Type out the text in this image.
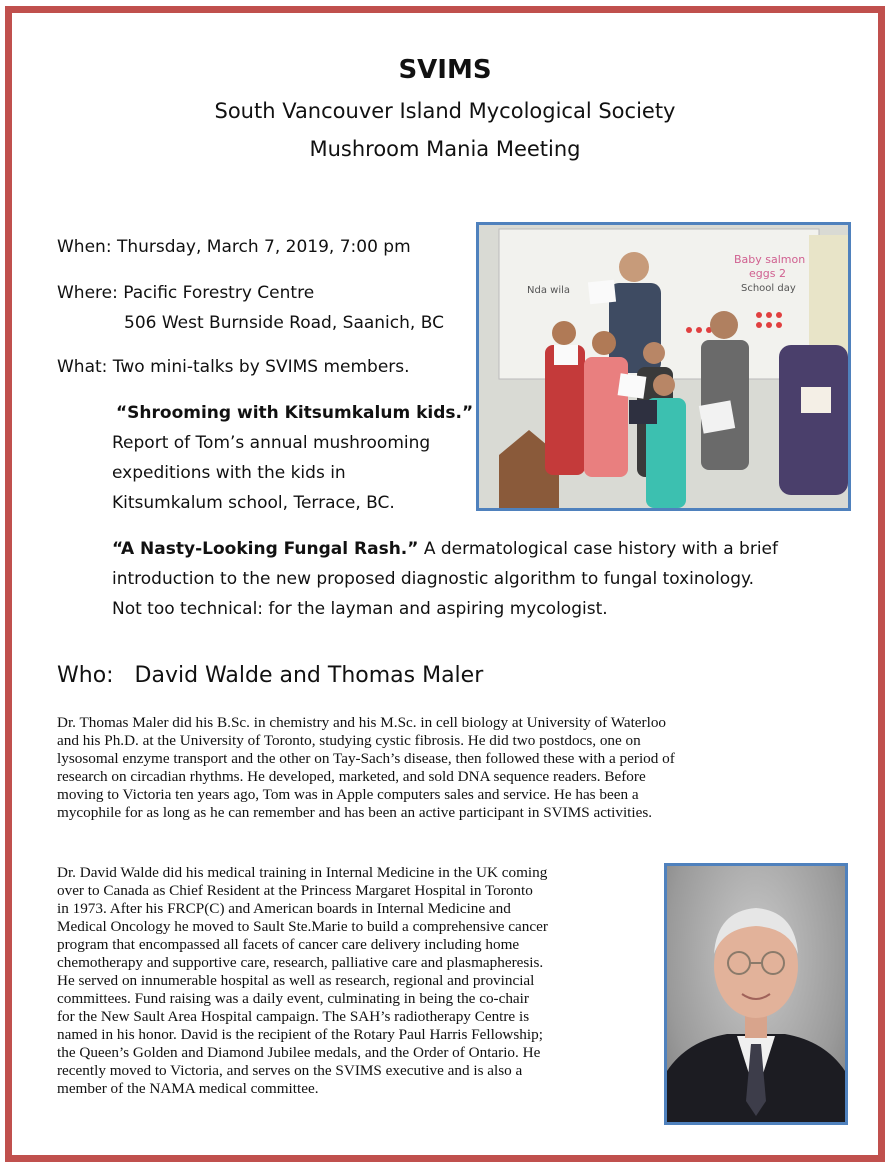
SVIMS
South Vancouver Island Mycological Society
Mushroom Mania Meeting
When: Thursday, March 7, 2019, 7:00 pm
Where: Pacific Forestry Centre
506 West Burnside Road, Saanich, BC
What: Two mini-talks by SVIMS members.
“Shrooming with Kitsumkalum kids.”
Report of Tom’s annual mushrooming
expeditions with the kids in
Kitsumkalum school, Terrace, BC.
“A Nasty-Looking Fungal Rash.” A dermatological case history with a brief
introduction to the new proposed diagnostic algorithm to fungal toxinology.
Not too technical: for the layman and aspiring mycologist.
Baby salmon
eggs 2
School day
Nda wila
Who:   David Walde and Thomas Maler
Dr. Thomas Maler did his B.Sc. in chemistry and his M.Sc. in cell biology at University of Waterloo
and his Ph.D. at the University of Toronto, studying cystic fibrosis. He did two postdocs, one on
lysosomal enzyme transport and the other on Tay-Sach’s disease, then followed these with a period of
research on circadian rhythms. He developed, marketed, and sold DNA sequence readers. Before
moving to Victoria ten years ago, Tom was in Apple computers sales and service. He has been a
mycophile for as long as he can remember and has been an active participant in SVIMS activities.
Dr. David Walde did his medical training in Internal Medicine in the UK coming
over to Canada as Chief Resident at the Princess Margaret Hospital in Toronto
in 1973. After his FRCP(C) and American boards in Internal Medicine and
Medical Oncology he moved to Sault Ste.Marie to build a comprehensive cancer
program that encompassed all facets of cancer care delivery including home
chemotherapy and supportive care, research, palliative care and plasmapheresis.
He served on innumerable hospital as well as research, regional and provincial
committees. Fund raising was a daily event, culminating in being the co-chair
for the New Sault Area Hospital campaign. The SAH’s radiotherapy Centre is
named in his honor. David is the recipient of the Rotary Paul Harris Fellowship;
the Queen’s Golden and Diamond Jubilee medals, and the Order of Ontario. He
recently moved to Victoria, and serves on the SVIMS executive and is also a
member of the NAMA medical committee.
